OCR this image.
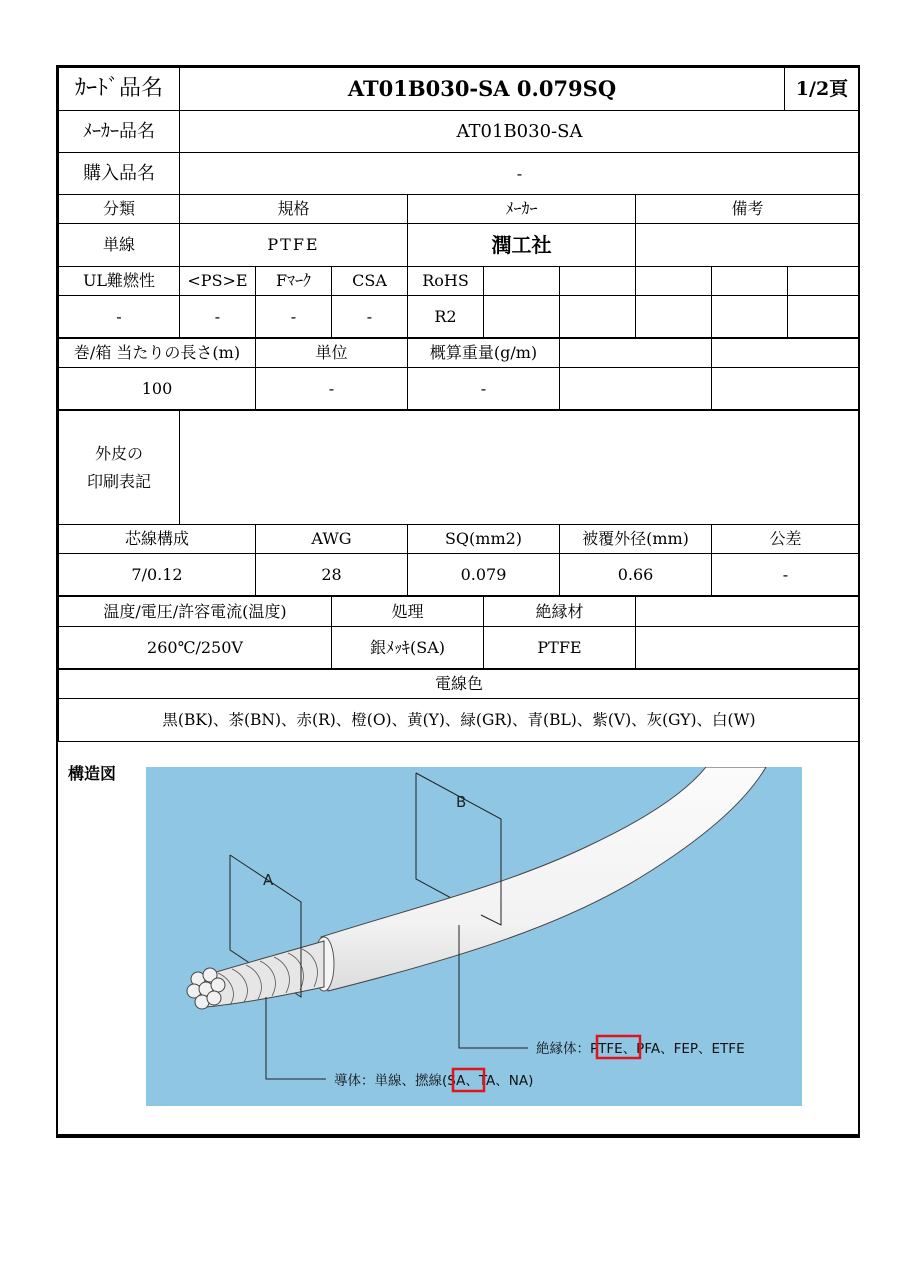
ｶｰﾄﾞ品名	AT01B030-SA 0.079SQ	1/2頁
ﾒｰｶｰ品名	AT01B030-SA
購入品名	-
分類	規格	ﾒｰｶｰ	備考
単線	PTFE	潤工社
UL難燃性	<PS>E	Fﾏｰｸ	CSA	RoHS
-	-	-	-	R2
巻/箱 当たりの長さ(m)	単位	概算重量(g/m)
100	-	-
外皮の
印刷表記
芯線構成	AWG	SQ(mm2)	被覆外径(mm)	公差
7/0.12	28	0.079	0.66	-
温度/電圧/許容電流(温度)	処理	絶縁材
260℃/250V	銀ﾒｯｷ(SA)	PTFE
電線色
黒(BK)、茶(BN)、赤(R)、橙(O)、黄(Y)、緑(GR)、青(BL)、紫(V)、灰(GY)、白(W)
構造図
A
B
絶縁体：PTFE、PFA、FEP、ETFE
導体：単線、撚線(SA、TA、NA)
